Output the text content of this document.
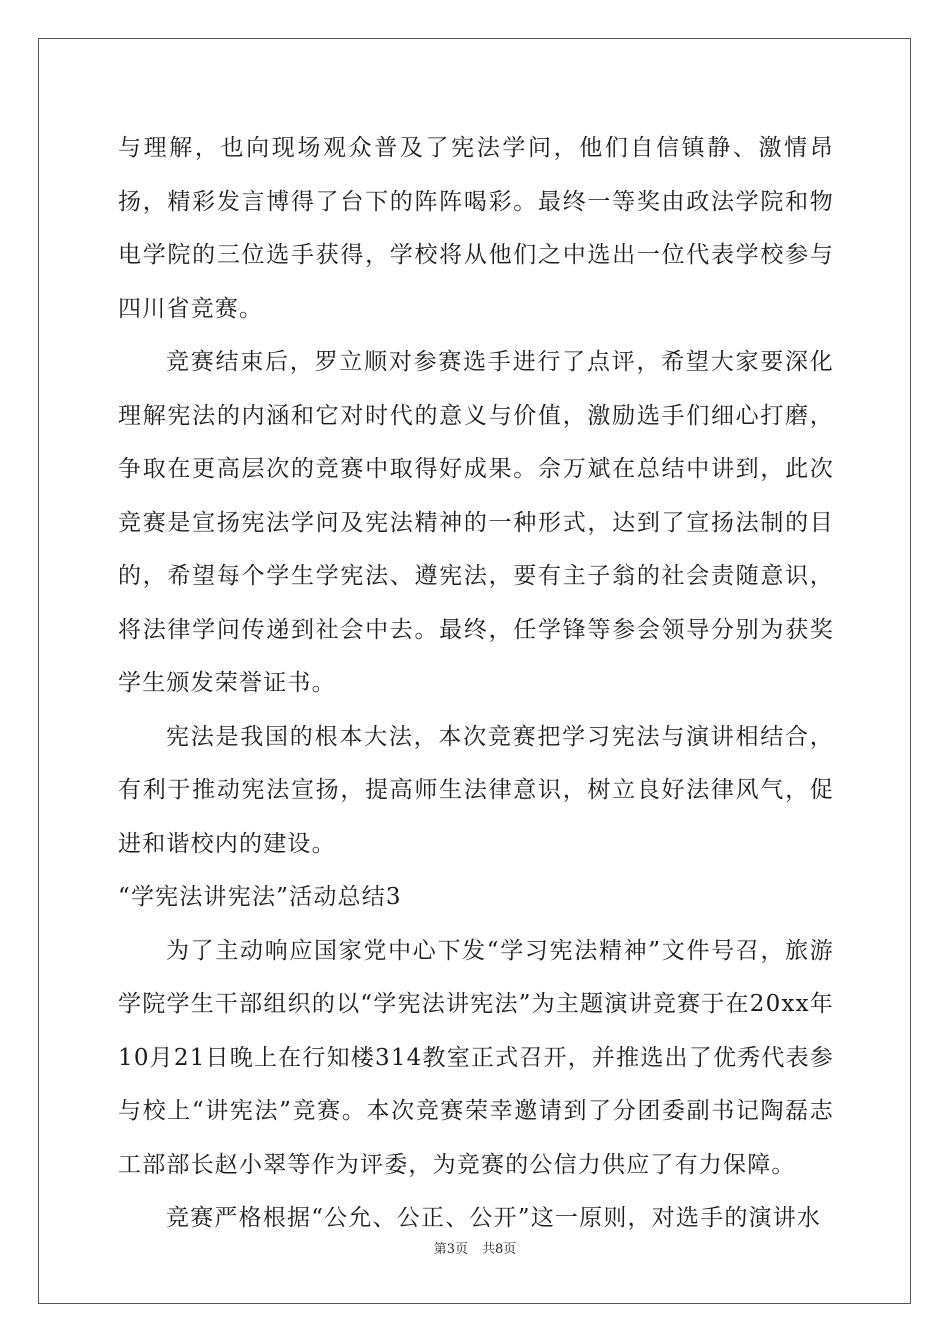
与理解，也向现场观众普及了宪法学问，他们自信镇静、激情昂扬，精彩发言博得了台下的阵阵喝彩。最终一等奖由政法学院和物电学院的三位选手获得，学校将从他们之中选出一位代表学校参与四川省竞赛。

竞赛结束后，罗立顺对参赛选手进行了点评，希望大家要深化理解宪法的内涵和它对时代的意义与价值，激励选手们细心打磨，争取在更高层次的竞赛中取得好成果。佘万斌在总结中讲到，此次竞赛是宣扬宪法学问及宪法精神的一种形式，达到了宣扬法制的目的，希望每个学生学宪法、遵宪法，要有主子翁的社会责随意识，将法律学问传递到社会中去。最终，任学锋等参会领导分别为获奖学生颁发荣誉证书。

宪法是我国的根本大法，本次竞赛把学习宪法与演讲相结合，有利于推动宪法宣扬，提高师生法律意识，树立良好法律风气，促进和谐校内的建设。

“学宪法讲宪法”活动总结3

为了主动响应国家党中心下发“学习宪法精神”文件号召，旅游学院学生干部组织的以“学宪法讲宪法”为主题演讲竞赛于在20xx年10月21日晚上在行知楼314教室正式召开，并推选出了优秀代表参与校上“讲宪法”竞赛。本次竞赛荣幸邀请到了分团委副书记陶磊志工部部长赵小翠等作为评委，为竞赛的公信力供应了有力保障。

竞赛严格根据“公允、公正、公开”这一原则，对选手的演讲水

第3页 共8页
